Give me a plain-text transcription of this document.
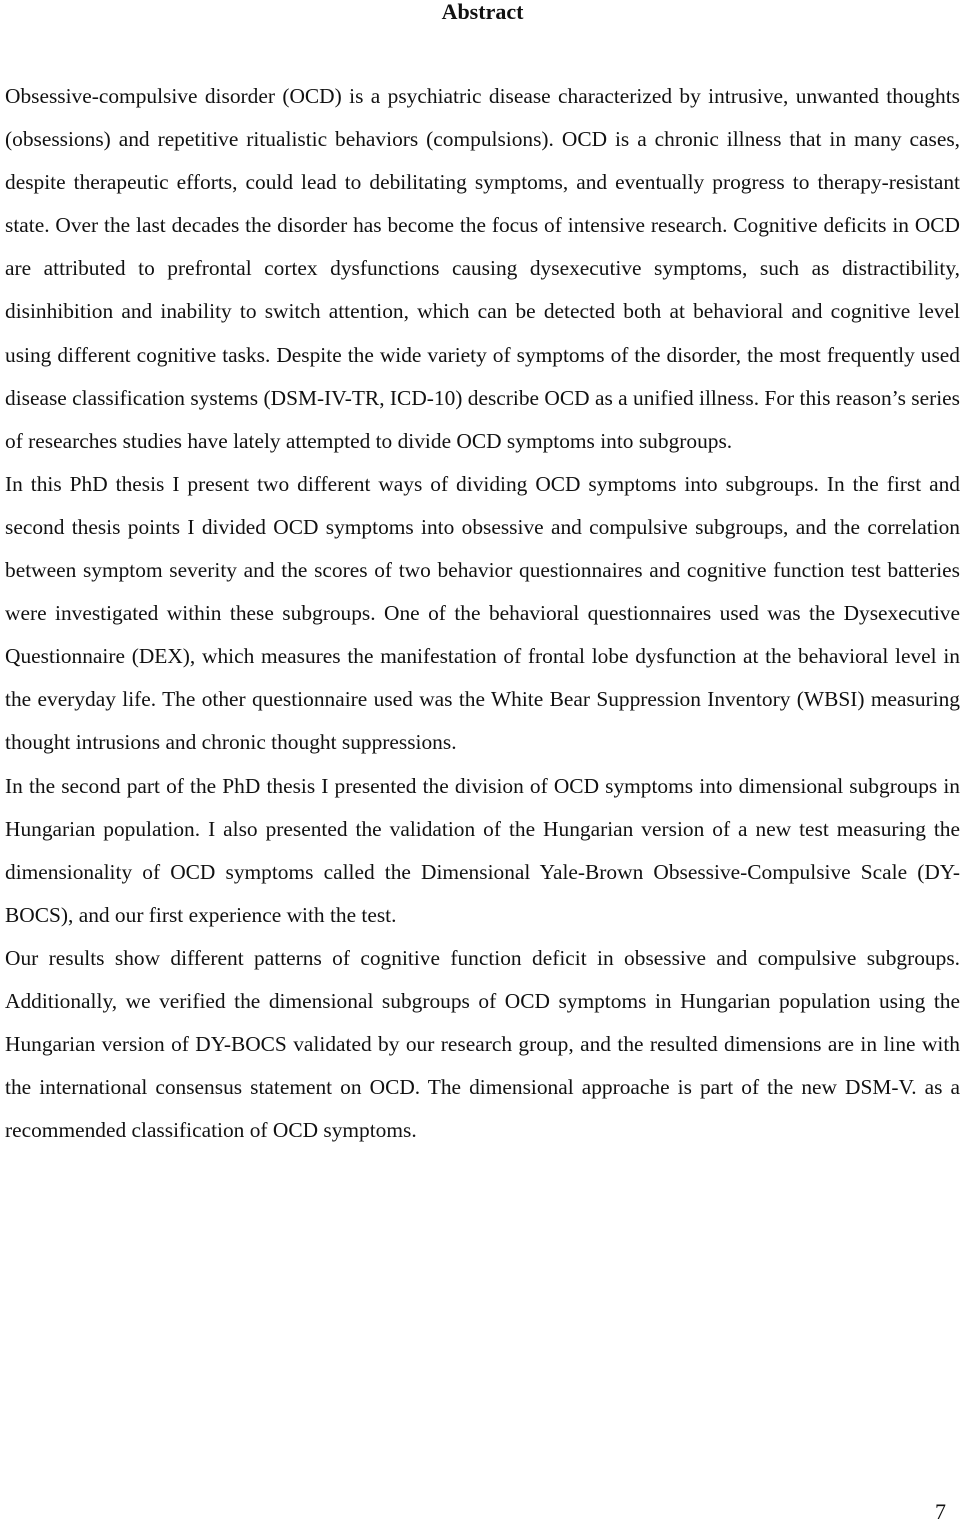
Abstract

Obsessive-compulsive disorder (OCD) is a psychiatric disease characterized by intrusive, unwanted thoughts (obsessions) and repetitive ritualistic behaviors (compulsions). OCD is a chronic illness that in many cases, despite therapeutic efforts, could lead to debilitating symptoms, and eventually progress to therapy-resistant state. Over the last decades the disorder has become the focus of intensive research. Cognitive deficits in OCD are attributed to prefrontal cortex dysfunctions causing dysexecutive symptoms, such as distractibility, disinhibition and inability to switch attention, which can be detected both at behavioral and cognitive level using different cognitive tasks. Despite the wide variety of symptoms of the disorder, the most frequently used disease classification systems (DSM-IV-TR, ICD-10) describe OCD as a unified illness. For this reason’s series of researches studies have lately attempted to divide OCD symptoms into subgroups.

In this PhD thesis I present two different ways of dividing OCD symptoms into subgroups. In the first and second thesis points I divided OCD symptoms into obsessive and compulsive subgroups, and the correlation between symptom severity and the scores of two behavior questionnaires and cognitive function test batteries were investigated within these subgroups. One of the behavioral questionnaires used was the Dysexecutive Questionnaire (DEX), which measures the manifestation of frontal lobe dysfunction at the behavioral level in the everyday life. The other questionnaire used was the White Bear Suppression Inventory (WBSI) measuring thought intrusions and chronic thought suppressions.

In the second part of the PhD thesis I presented the division of OCD symptoms into dimensional subgroups in Hungarian population. I also presented the validation of the Hungarian version of a new test measuring the dimensionality of OCD symptoms called the Dimensional Yale-Brown Obsessive-Compulsive Scale (DY-BOCS), and our first experience with the test.

Our results show different patterns of cognitive function deficit in obsessive and compulsive subgroups. Additionally, we verified the dimensional subgroups of OCD symptoms in Hungarian population using the Hungarian version of DY-BOCS validated by our research group, and the resulted dimensions are in line with the international consensus statement on OCD. The dimensional approache is part of the new DSM-V. as a recommended classification of OCD symptoms.

7
